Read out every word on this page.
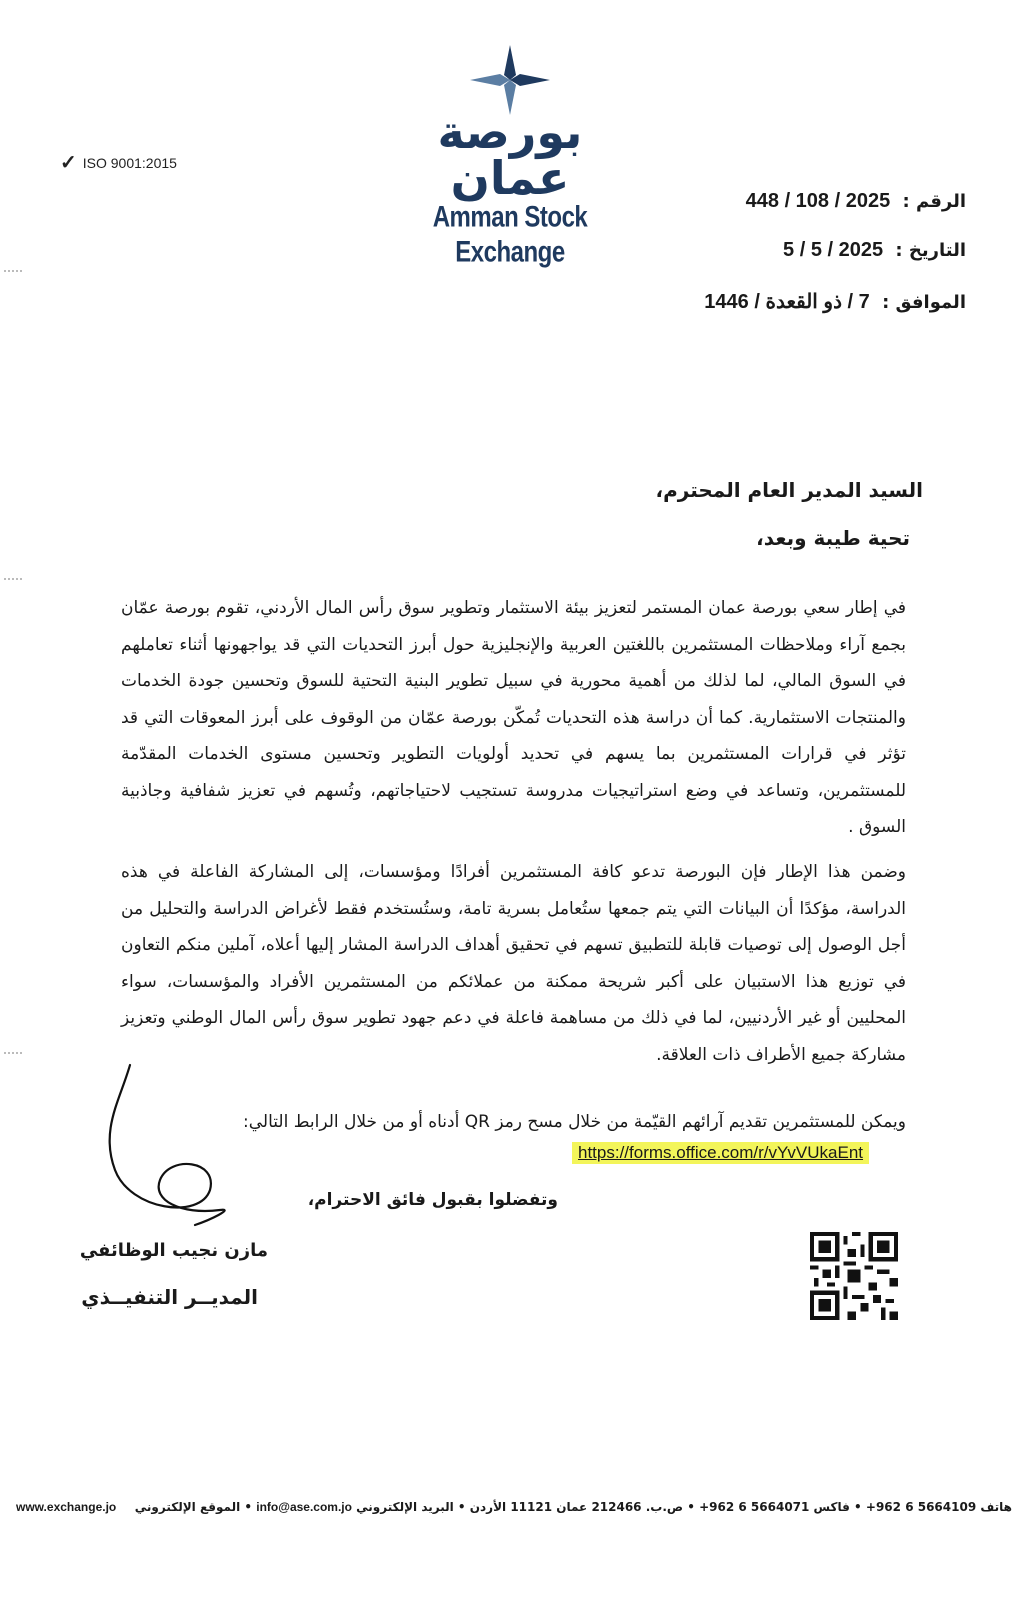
بورصة عمان
Amman Stock Exchange
✓ ISO 9001:2015
الرقم : 448 / 108 / 2025
التاريخ : 5 / 5 / 2025
الموافق : 7 / ذو القعدة / 1446
السيد المدير العام المحترم،
تحية طيبة وبعد،
في إطار سعي بورصة عمان المستمر لتعزيز بيئة الاستثمار وتطوير سوق رأس المال الأردني، تقوم بورصة عمّان بجمع آراء وملاحظات المستثمرين باللغتين العربية والإنجليزية حول أبرز التحديات التي قد يواجهونها أثناء تعاملهم في السوق المالي، لما لذلك من أهمية محورية في سبيل تطوير البنية التحتية للسوق وتحسين جودة الخدمات والمنتجات الاستثمارية. كما أن دراسة هذه التحديات تُمكّن بورصة عمّان من الوقوف على أبرز المعوقات التي قد تؤثر في قرارات المستثمرين بما يسهم في تحديد أولويات التطوير وتحسين مستوى الخدمات المقدّمة للمستثمرين، وتساعد في وضع استراتيجيات مدروسة تستجيب لاحتياجاتهم، وتُسهم في تعزيز شفافية وجاذبية السوق .
وضمن هذا الإطار فإن البورصة تدعو كافة المستثمرين أفرادًا ومؤسسات، إلى المشاركة الفاعلة في هذه الدراسة، مؤكدًا أن البيانات التي يتم جمعها ستُعامل بسرية تامة، وستُستخدم فقط لأغراض الدراسة والتحليل من أجل الوصول إلى توصيات قابلة للتطبيق تسهم في تحقيق أهداف الدراسة المشار إليها أعلاه، آملين منكم التعاون في توزيع هذا الاستبيان على أكبر شريحة ممكنة من عملائكم من المستثمرين الأفراد والمؤسسات، سواء المحليين أو غير الأردنيين، لما في ذلك من مساهمة فاعلة في دعم جهود تطوير سوق رأس المال الوطني وتعزيز مشاركة جميع الأطراف ذات العلاقة.
ويمكن للمستثمرين تقديم آرائهم القيّمة من خلال مسح رمز QR أدناه أو من خلال الرابط التالي:
https://forms.office.com/r/vYvVUkaEnt
وتفضلوا بقبول فائق الاحترام،
مازن نجيب الوظائفي
المديــر التنفيــذي
هاتف 5664109 6 962+ • فاكس 5664071 6 962+ • ص.ب. 212466 عمان 11121 الأردن • البريد الإلكتروني info@ase.com.jo • الموقع الإلكتروني
www.exchange.jo
